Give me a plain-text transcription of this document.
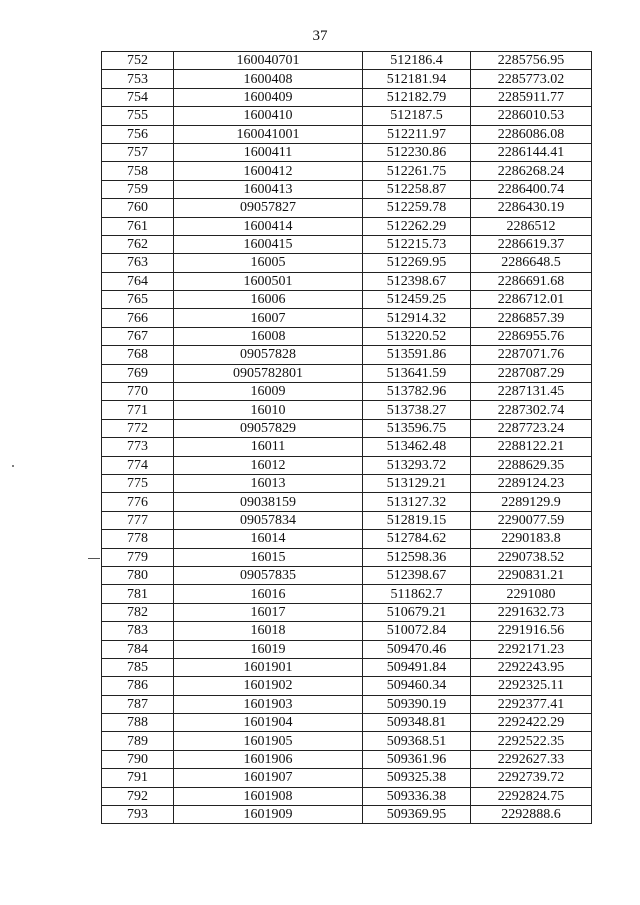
37
752	160040701	512186.4	2285756.95
753	1600408	512181.94	2285773.02
754	1600409	512182.79	2285911.77
755	1600410	512187.5	2286010.53
756	160041001	512211.97	2286086.08
757	1600411	512230.86	2286144.41
758	1600412	512261.75	2286268.24
759	1600413	512258.87	2286400.74
760	09057827	512259.78	2286430.19
761	1600414	512262.29	2286512
762	1600415	512215.73	2286619.37
763	16005	512269.95	2286648.5
764	1600501	512398.67	2286691.68
765	16006	512459.25	2286712.01
766	16007	512914.32	2286857.39
767	16008	513220.52	2286955.76
768	09057828	513591.86	2287071.76
769	0905782801	513641.59	2287087.29
770	16009	513782.96	2287131.45
771	16010	513738.27	2287302.74
772	09057829	513596.75	2287723.24
773	16011	513462.48	2288122.21
774	16012	513293.72	2288629.35
775	16013	513129.21	2289124.23
776	09038159	513127.32	2289129.9
777	09057834	512819.15	2290077.59
778	16014	512784.62	2290183.8
779	16015	512598.36	2290738.52
780	09057835	512398.67	2290831.21
781	16016	511862.7	2291080
782	16017	510679.21	2291632.73
783	16018	510072.84	2291916.56
784	16019	509470.46	2292171.23
785	1601901	509491.84	2292243.95
786	1601902	509460.34	2292325.11
787	1601903	509390.19	2292377.41
788	1601904	509348.81	2292422.29
789	1601905	509368.51	2292522.35
790	1601906	509361.96	2292627.33
791	1601907	509325.38	2292739.72
792	1601908	509336.38	2292824.75
793	1601909	509369.95	2292888.6
